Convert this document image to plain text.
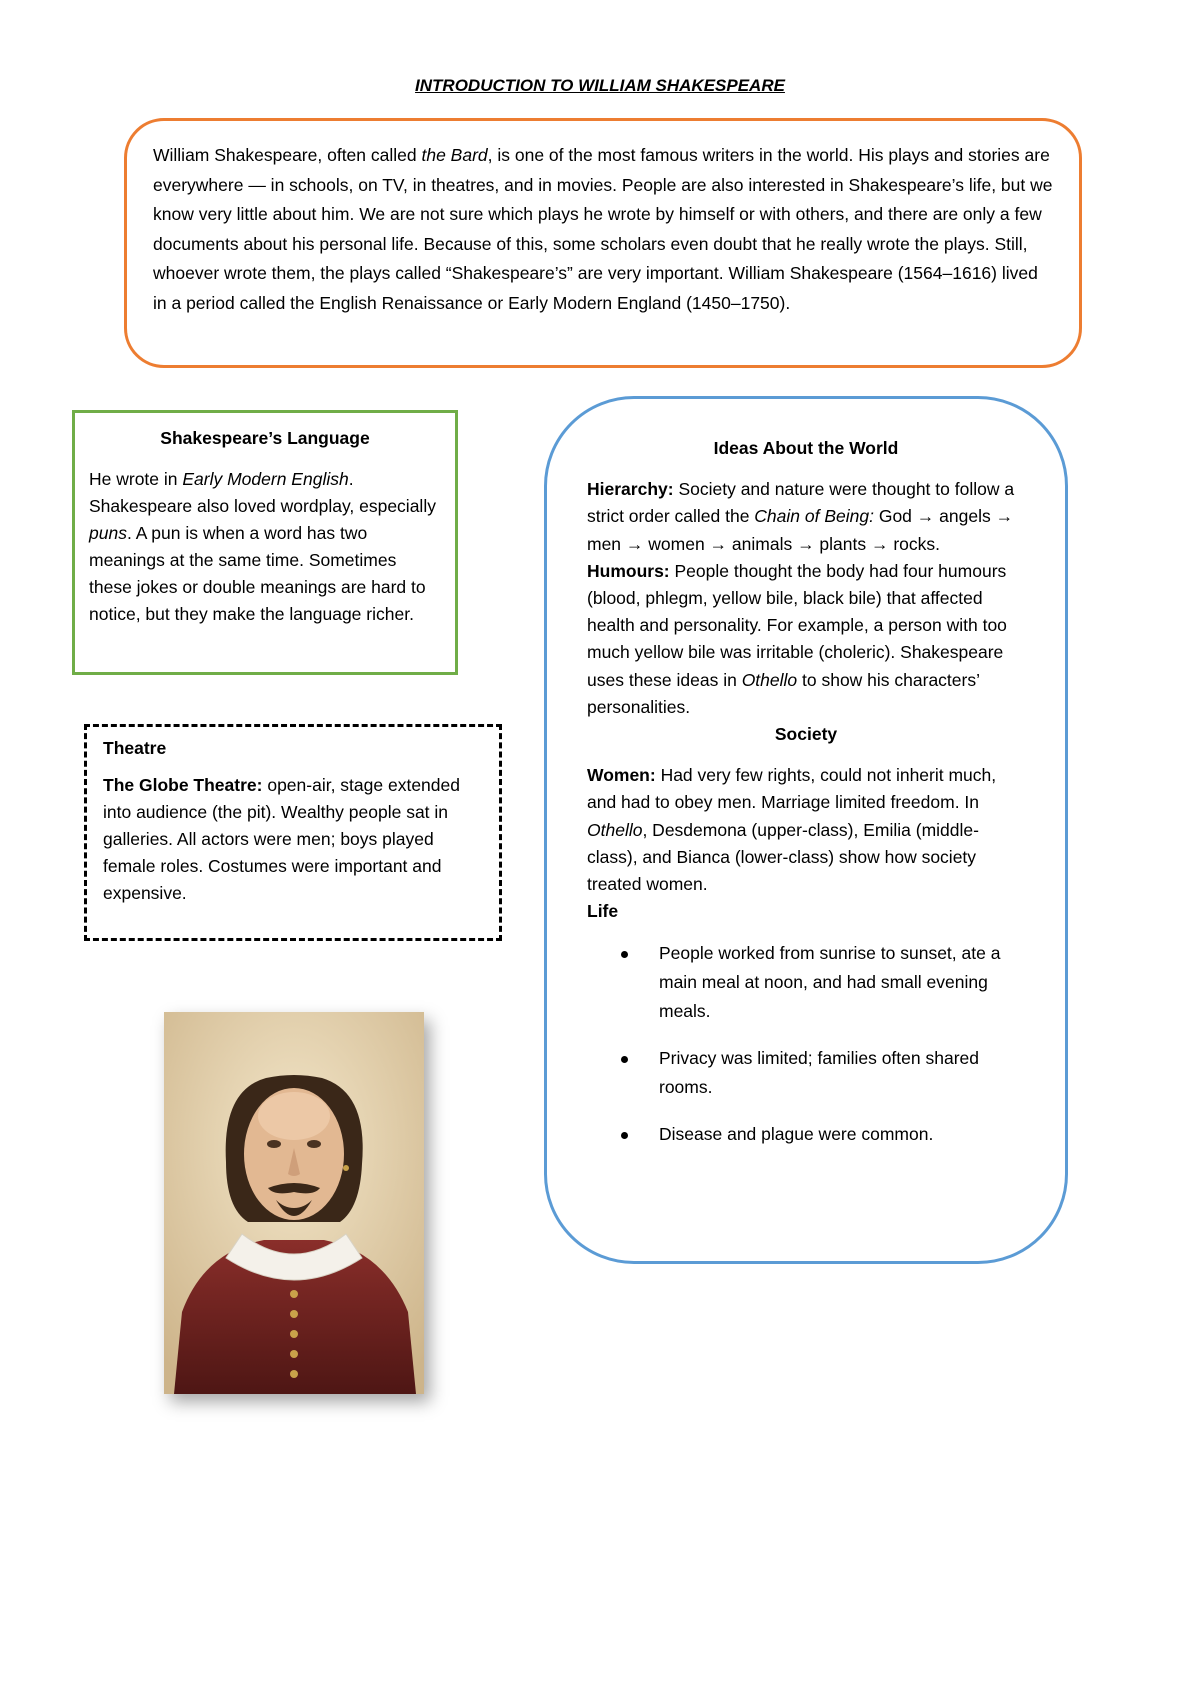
INTRODUCTION TO WILLIAM SHAKESPEARE
William Shakespeare, often called the Bard, is one of the most famous writers in the world. His plays and stories are everywhere — in schools, on TV, in theatres, and in movies. People are also interested in Shakespeare’s life, but we know very little about him. We are not sure which plays he wrote by himself or with others, and there are only a few documents about his personal life. Because of this, some scholars even doubt that he really wrote the plays. Still, whoever wrote them, the plays called “Shakespeare’s” are very important. William Shakespeare (1564–1616) lived in a period called the English Renaissance or Early Modern England (1450–1750).
Shakespeare’s Language
He wrote in Early Modern English. Shakespeare also loved wordplay, especially puns. A pun is when a word has two meanings at the same time. Sometimes these jokes or double meanings are hard to notice, but they make the language richer.
Theatre
The Globe Theatre: open-air, stage extended into audience (the pit). Wealthy people sat in galleries. All actors were men; boys played female roles. Costumes were important and expensive.
Ideas About the World
Hierarchy: Society and nature were thought to follow a strict order called the Chain of Being: God → angels → men → women → animals → plants → rocks.
Humours: People thought the body had four humours (blood, phlegm, yellow bile, black bile) that affected health and personality. For example, a person with too much yellow bile was irritable (choleric). Shakespeare uses these ideas in Othello to show his characters’ personalities.
Society
Women: Had very few rights, could not inherit much, and had to obey men. Marriage limited freedom. In Othello, Desdemona (upper-class), Emilia (middle-class), and Bianca (lower-class) show how society treated women.
Life
People worked from sunrise to sunset, ate a main meal at noon, and had small evening meals.
Privacy was limited; families often shared rooms.
Disease and plague were common.
